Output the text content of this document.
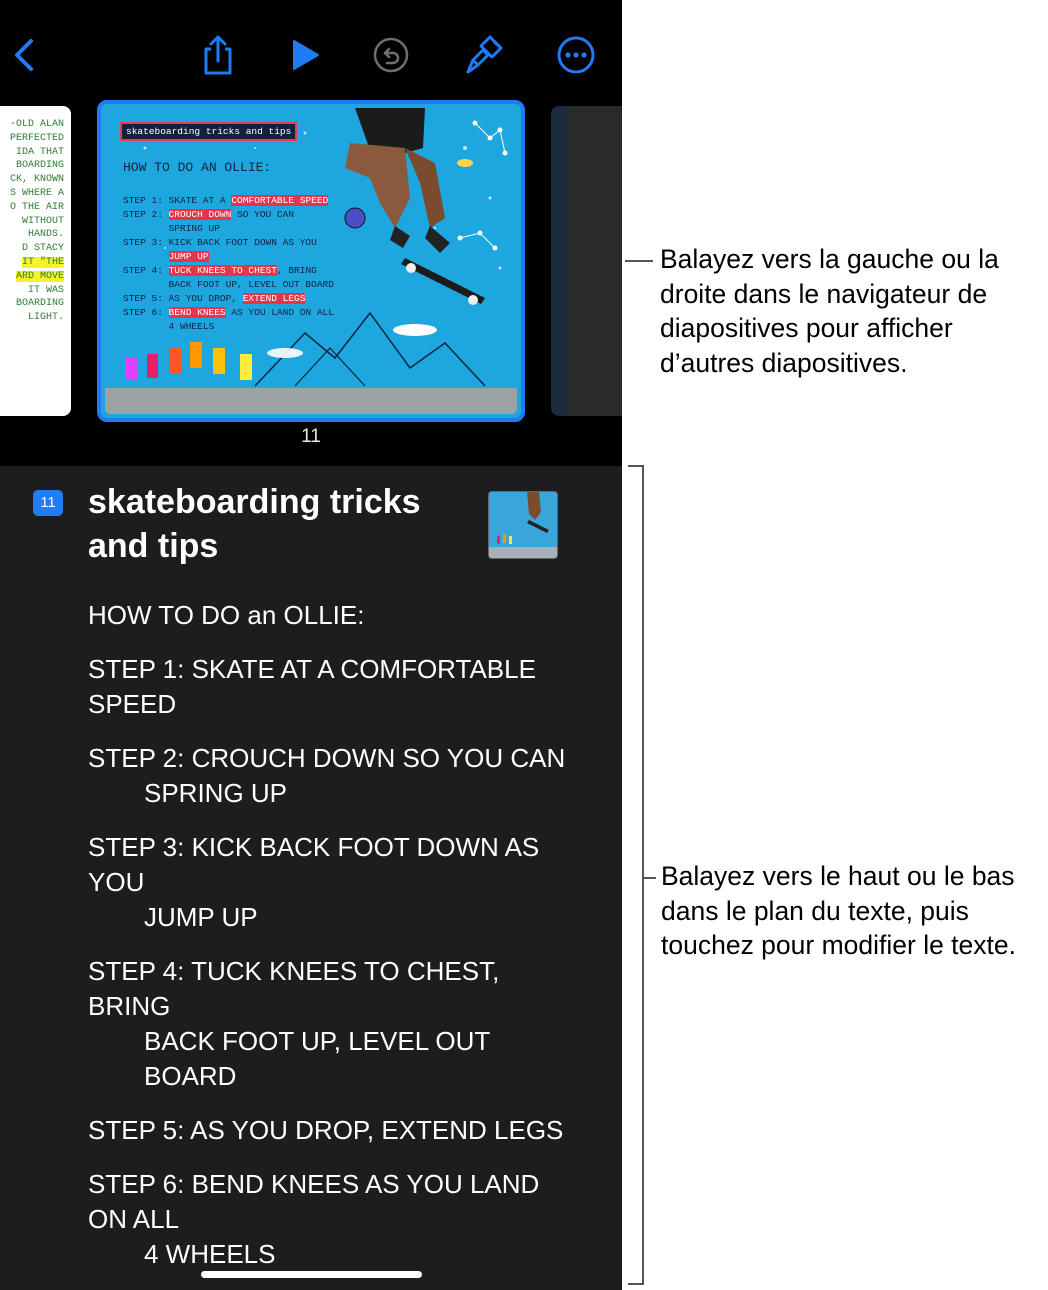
-OLD ALAN
PERFECTED
IDA THAT
BOARDING
CK, KNOWN
S WHERE A
O THE AIR
WITHOUT
HANDS.
D STACY
IT "THE
ARD MOVE
IT WAS
BOARDING
LIGHT.
skateboarding tricks and tips
HOW TO DO AN OLLIE:
STEP 1: SKATE AT A COMFORTABLE SPEED
STEP 2: CROUCH DOWN SO YOU CAN
SPRING UP
STEP 3: KICK BACK FOOT DOWN AS YOU
JUMP UP
STEP 4: TUCK KNEES TO CHEST, BRING
BACK FOOT UP, LEVEL OUT BOARD
STEP 5: AS YOU DROP, EXTEND LEGS
STEP 6: BEND KNEES AS YOU LAND ON ALL
4 WHEELS
11
11 skateboarding tricks and tips
HOW TO DO an OLLIE:
STEP 1: SKATE AT A COMFORTABLE SPEED
STEP 2: CROUCH DOWN SO YOU CAN
SPRING UP
STEP 3: KICK BACK FOOT DOWN AS YOU
JUMP UP
STEP 4: TUCK KNEES TO CHEST, BRING
BACK FOOT UP, LEVEL OUT BOARD
STEP 5: AS YOU DROP, EXTEND LEGS
STEP 6: BEND KNEES AS YOU LAND ON ALL
4 WHEELS
Balayez vers la gauche ou la droite dans le navigateur de diapositives pour afficher d’autres diapositives.
Balayez vers le haut ou le bas dans le plan du texte, puis touchez pour modifier le texte.
